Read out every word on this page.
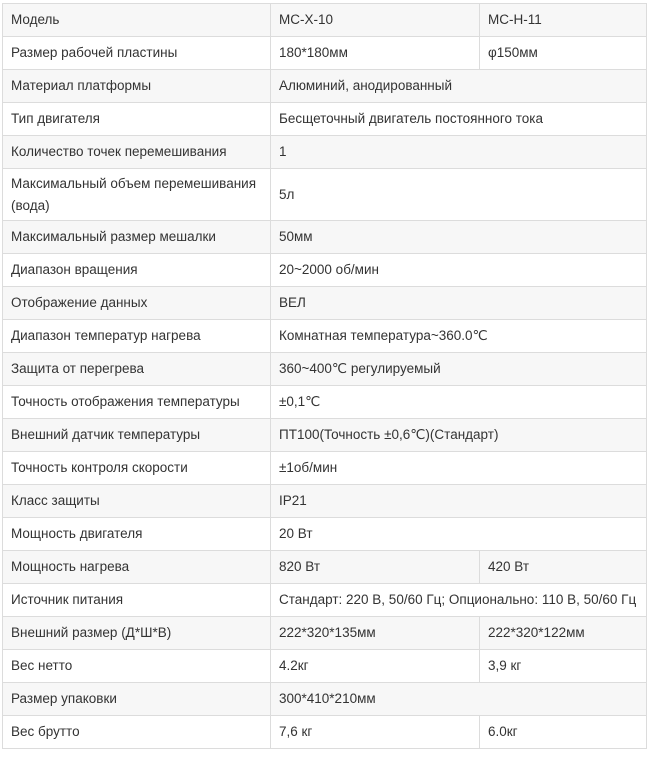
Модель	MC-X-10	MC-H-11
Размер рабочей пластины	180*180мм	φ150мм
Материал платформы	Алюминий, анодированный	
Тип двигателя	Бесщеточный двигатель постоянного тока	
Количество точек перемешивания	1	
Максимальный объем перемешивания (вода)	5л	
Максимальный размер мешалки	50мм	
Диапазон вращения	20~2000 об/мин	
Отображение данных	ВЕЛ	
Диапазон температур нагрева	Комнатная температура~360.0℃	
Защита от перегрева	360~400℃ регулируемый	
Точность отображения температуры	±0,1℃	
Внешний датчик температуры	ПТ100(Точность ±0,6℃)(Стандарт)	
Точность контроля скорости	±1об/мин	
Класс защиты	IP21	
Мощность двигателя	20 Вт	
Мощность нагрева	820 Вт	420 Вт
Источник питания	Стандарт: 220 В, 50/60 Гц; Опционально: 110 В, 50/60 Гц	
Внешний размер (Д*Ш*В)	222*320*135мм	222*320*122мм
Вес нетто	4.2кг	3,9 кг
Размер упаковки	300*410*210мм	
Вес брутто	7,6 кг	6.0кг
